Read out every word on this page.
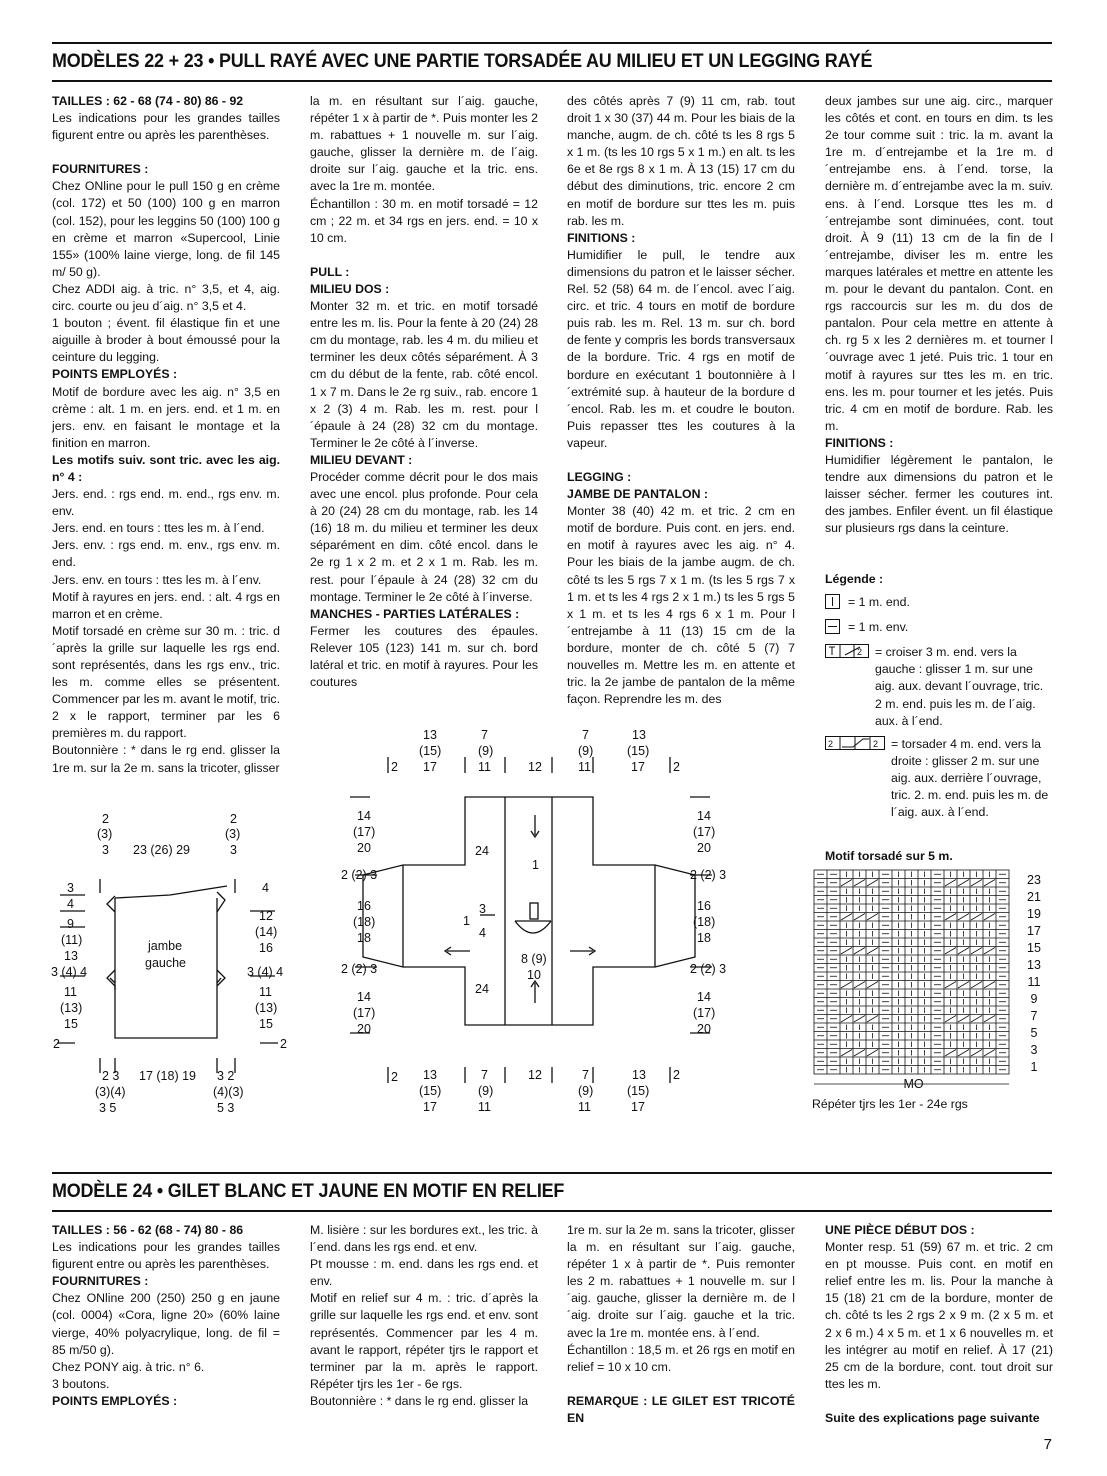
MODÈLES 22 + 23 • PULL RAYÉ AVEC UNE PARTIE TORSADÉE AU MILIEU ET UN LEGGING RAYÉ

TAILLES : 62 - 68 (74 - 80) 86 - 92

Les indications pour les grandes tailles figurent entre ou après les parenthèses.

FOURNITURES :

Chez ONline pour le pull 150 g en crème (col. 172) et 50 (100) 100 g en marron (col. 152), pour les leggins 50 (100) 100 g en crème et marron «Supercool, Linie 155» (100% laine vierge, long. de fil 145 m/ 50 g).

Chez ADDI aig. à tric. n° 3,5, et 4, aig. circ. courte ou jeu d´aig. n° 3,5 et 4.

1 bouton ; évent. fil élastique fin et une aiguille à broder à bout émoussé pour la ceinture du legging.

POINTS EMPLOYÉS :

Motif de bordure avec les aig. n° 3,5 en crème : alt. 1 m. en jers. end. et 1 m. en jers. env. en faisant le montage et la finition en marron.

Les motifs suiv. sont tric. avec les aig. n° 4 :

Jers. end. : rgs end. m. end., rgs env. m. env.

Jers. end. en tours : ttes les m. à l´end.

Jers. env. : rgs end. m. env., rgs env. m. end.

Jers. env. en tours : ttes les m. à l´env.

Motif à rayures en jers. end. : alt. 4 rgs en marron et en crème.

Motif torsadé en crème sur 30 m. : tric. d´après la grille sur laquelle les rgs end. sont représentés, dans les rgs env., tric. les m. comme elles se présentent. Commencer par les m. avant le motif, tric. 2 x le rapport, terminer par les 6 premières m. du rapport.

Boutonnière : * dans le rg end. glisser la 1re m. sur la 2e m. sans la tricoter, glisser

la m. en résultant sur l´aig. gauche, répéter 1 x à partir de *. Puis monter les 2 m. rabattues + 1 nouvelle m. sur l´aig. gauche, glisser la dernière m. de l´aig. droite sur l´aig. gauche et la tric. ens. avec la 1re m. montée.

Échantillon : 30 m. en motif torsadé = 12 cm ; 22 m. et 34 rgs en jers. end. = 10 x 10 cm.

PULL :

MILIEU DOS :

Monter 32 m. et tric. en motif torsadé entre les m. lis. Pour la fente à 20 (24) 28 cm du montage, rab. les 4 m. du milieu et terminer les deux côtés séparément. À 3 cm du début de la fente, rab. côté encol. 1 x 7 m. Dans le 2e rg suiv., rab. encore 1 x 2 (3) 4 m. Rab. les m. rest. pour l´épaule à 24 (28) 32 cm du montage. Terminer le 2e côté à l´inverse.

MILIEU DEVANT :

Procéder comme décrit pour le dos mais avec une encol. plus profonde. Pour cela à 20 (24) 28 cm du montage, rab. les 14 (16) 18 m. du milieu et terminer les deux séparément en dim. côté encol. dans le 2e rg 1 x 2 m. et 2 x 1 m. Rab. les m. rest. pour l´épaule à 24 (28) 32 cm du montage. Terminer le 2e côté à l´inverse.

MANCHES - PARTIES LATÉRALES :

Fermer les coutures des épaules. Relever 105 (123) 141 m. sur ch. bord latéral et tric. en motif à rayures. Pour les coutures

des côtés après 7 (9) 11 cm, rab. tout droit 1 x 30 (37) 44 m. Pour les biais de la manche, augm. de ch. côté ts les 8 rgs 5 x 1 m. (ts les 10 rgs 5 x 1 m.) en alt. ts les 6e et 8e rgs 8 x 1 m. À 13 (15) 17 cm du début des diminutions, tric. encore 2 cm en motif de bordure sur ttes les m. puis rab. les m.

FINITIONS :

Humidifier le pull, le tendre aux dimensions du patron et le laisser sécher. Rel. 52 (58) 64 m. de l´encol. avec l´aig. circ. et tric. 4 tours en motif de bordure puis rab. les m. Rel. 13 m. sur ch. bord de fente y compris les bords transversaux de la bordure. Tric. 4 rgs en motif de bordure en exécutant 1 boutonnière à l´extrémité sup. à hauteur de la bordure d´encol. Rab. les m. et coudre le bouton. Puis repasser ttes les coutures à la vapeur.

LEGGING :

JAMBE DE PANTALON :

Monter 38 (40) 42 m. et tric. 2 cm en motif de bordure. Puis cont. en jers. end. en motif à rayures avec les aig. n° 4. Pour les biais de la jambe augm. de ch. côté ts les 5 rgs 7 x 1 m. (ts les 5 rgs 7 x 1 m. et ts les 4 rgs 2 x 1 m.) ts les 5 rgs 5 x 1 m. et ts les 4 rgs 6 x 1 m. Pour l´entrejambe à 11 (13) 15 cm de la bordure, monter de ch. côté 5 (7) 7 nouvelles m. Mettre les m. en attente et tric. la 2e jambe de pantalon de la même façon. Reprendre les m. des

deux jambes sur une aig. circ., marquer les côtés et cont. en tours en dim. ts les 2e tour comme suit : tric. la m. avant la 1re m. d´entrejambe et la 1re m. d´entrejambe ens. à l´end. torse, la dernière m. d´entrejambe avec la m. suiv. ens. à l´end. Lorsque ttes les m. d´entrejambe sont diminuées, cont. tout droit. À 9 (11) 13 cm de la fin de l´entrejambe, diviser les m. entre les marques latérales et mettre en attente les m. pour le devant du pantalon. Cont. en rgs raccourcis sur les m. du dos de pantalon. Pour cela mettre en attente à ch. rg 5 x les 2 dernières m. et tourner l´ouvrage avec 1 jeté. Puis tric. 1 tour en motif à rayures sur ttes les m. en tric. ens. les m. pour tourner et les jetés. Puis tric. 4 cm en motif de bordure. Rab. les m.

FINITIONS :

Humidifier légèrement le pantalon, le tendre aux dimensions du patron et le laisser sécher. fermer les coutures int. des jambes. Enfiler évent. un fil élastique sur plusieurs rgs dans la ceinture.

2
(3)
3 23 (26) 29
2
(3)
3
3
4
9
(11)
13
3 (4) 4
11
(13)
15
2
4
12
(14)
16
3 (4) 4
11
(13)
15
2
jambe
gauche
2 3
(3)(4)
3 5
17 (18) 19 3 2
(4)(3)
5 3
13
(15)
17
2
7
(9)
11	12
7
(9)
11
13
(15)
17 2
14
(17)
20
2 (2) 3
16
(18)
18
2 (2) 3
14
(17)
20
14
(17)
20
2 (2) 3
16
(18)
18
2 (2) 3
14
(17)
20
24
1
3
1
4
8 (9)
10
24
2 13
(15)
17
7
(9)
11
12	7
(9)
11
13
(15)
17
2
Légende :
= 1 m. end.
= 1 m. env.
2 = croiser 3 m. end. vers la gauche : glisser 1 m. sur une aig. aux. devant l´ouvrage, tric. 2 m. end. puis les m. de l´aig. aux. à l´end.
2	2 = torsader 4 m. end. vers la droite : glisser 2 m. sur une aig. aux. derrière l´ouvrage, tric. 2. m. end. puis les m. de l´aig. aux. à l´end.
Motif torsadé sur 5 m.
23
21
19
17
15
13
11
9
7
5
3
1
MO
Répéter tjrs les 1er - 24e rgs
MODÈLE 24 • GILET BLANC ET JAUNE EN MOTIF EN RELIEF

TAILLES : 56 - 62 (68 - 74) 80 - 86

Les indications pour les grandes tailles figurent entre ou après les parenthèses.

FOURNITURES :

Chez ONline 200 (250) 250 g en jaune (col. 0004) «Cora, ligne 20» (60% laine vierge, 40% polyacrylique, long. de fil = 85 m/50 g).

Chez PONY aig. à tric. n° 6.

3 boutons.

POINTS EMPLOYÉS :

M. lisière : sur les bordures ext., les tric. à l´end. dans les rgs end. et env.

Pt mousse : m. end. dans les rgs end. et env.

Motif en relief sur 4 m. : tric. d´après la grille sur laquelle les rgs end. et env. sont représentés. Commencer par les 4 m. avant le rapport, répéter tjrs le rapport et terminer par la m. après le rapport. Répéter tjrs les 1er - 6e rgs.

Boutonnière : * dans le rg end. glisser la

1re m. sur la 2e m. sans la tricoter, glisser la m. en résultant sur l´aig. gauche, répéter 1 x à partir de *. Puis remonter les 2 m. rabattues + 1 nouvelle m. sur l´aig. gauche, glisser la dernière m. de l´aig. droite sur l´aig. gauche et la tric. avec la 1re m. montée ens. à l´end.

Échantillon : 18,5 m. et 26 rgs en motif en relief = 10 x 10 cm.

REMARQUE : LE GILET EST TRICOTÉ EN

UNE PIÈCE DÉBUT DOS :

Monter resp. 51 (59) 67 m. et tric. 2 cm en pt mousse. Puis cont. en motif en relief entre les m. lis. Pour la manche à 15 (18) 21 cm de la bordure, monter de ch. côté ts les 2 rgs 2 x 9 m. (2 x 5 m. et 2 x 6 m.) 4 x 5 m. et 1 x 6 nouvelles m. et les intégrer au motif en relief. À 17 (21) 25 cm de la bordure, cont. tout droit sur ttes les m.

Suite des explications page suivante

7
